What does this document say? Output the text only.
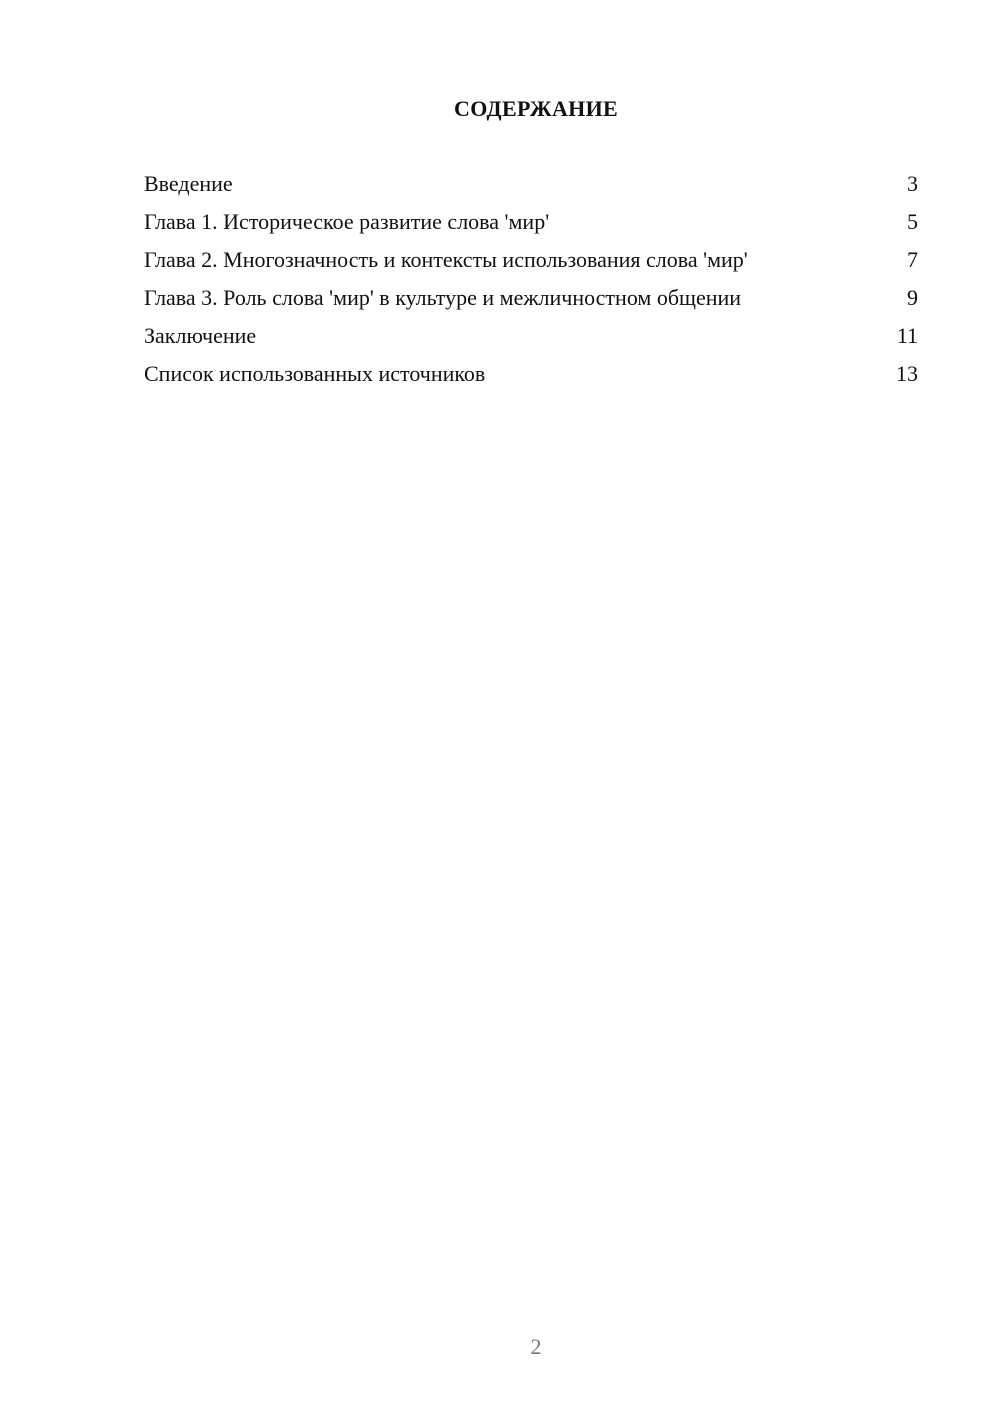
СОДЕРЖАНИЕ
Введение	3
Глава 1. Историческое развитие слова 'мир'	5
Глава 2. Многозначность и контексты использования слова 'мир'	7
Глава 3. Роль слова 'мир' в культуре и межличностном общении	9
Заключение	11
Список использованных источников	13
2
